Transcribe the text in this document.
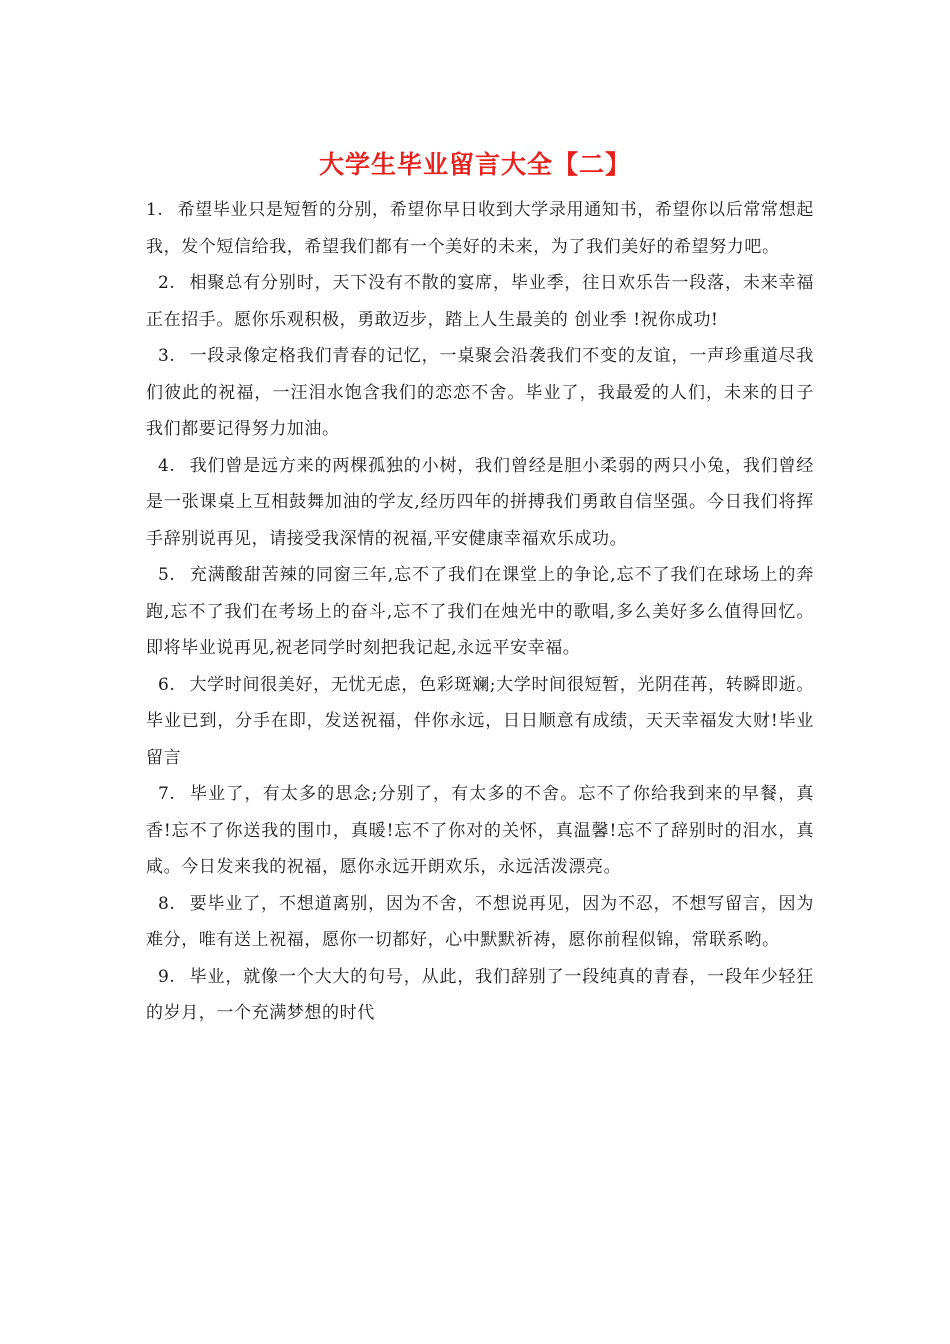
大学生毕业留言大全【二】

1. 希望毕业只是短暂的分别，希望你早日收到大学录用通知书，希望你以后常常想起我，发个短信给我，希望我们都有一个美好的未来，为了我们美好的希望努力吧。

2. 相聚总有分别时，天下没有不散的宴席，毕业季，往日欢乐告一段落，未来幸福正在招手。愿你乐观积极，勇敢迈步，踏上人生最美的 创业季 !祝你成功!

3. 一段录像定格我们青春的记忆，一桌聚会沿袭我们不变的友谊，一声珍重道尽我们彼此的祝福，一汪泪水饱含我们的恋恋不舍。毕业了，我最爱的人们，未来的日子我们都要记得努力加油。

4. 我们曾是远方来的两棵孤独的小树，我们曾经是胆小柔弱的两只小兔，我们曾经是一张课桌上互相鼓舞加油的学友,经历四年的拼搏我们勇敢自信坚强。今日我们将挥手辞别说再见，请接受我深情的祝福,平安健康幸福欢乐成功。

5. 充满酸甜苦辣的同窗三年,忘不了我们在课堂上的争论,忘不了我们在球场上的奔跑,忘不了我们在考场上的奋斗,忘不了我们在烛光中的歌唱,多么美好多么值得回忆。即将毕业说再见,祝老同学时刻把我记起,永远平安幸福。

6. 大学时间很美好，无忧无虑，色彩斑斓;大学时间很短暂，光阴荏苒，转瞬即逝。毕业已到，分手在即，发送祝福，伴你永远，日日顺意有成绩，天天幸福发大财!毕业留言

7. 毕业了，有太多的思念;分别了，有太多的不舍。忘不了你给我到来的早餐，真香!忘不了你送我的围巾，真暖!忘不了你对的关怀，真温馨!忘不了辞别时的泪水，真咸。今日发来我的祝福，愿你永远开朗欢乐，永远活泼漂亮。

8. 要毕业了，不想道离别，因为不舍，不想说再见，因为不忍，不想写留言，因为难分，唯有送上祝福，愿你一切都好，心中默默祈祷，愿你前程似锦，常联系哟。

9. 毕业，就像一个大大的句号，从此，我们辞别了一段纯真的青春，一段年少轻狂的岁月，一个充满梦想的时代
